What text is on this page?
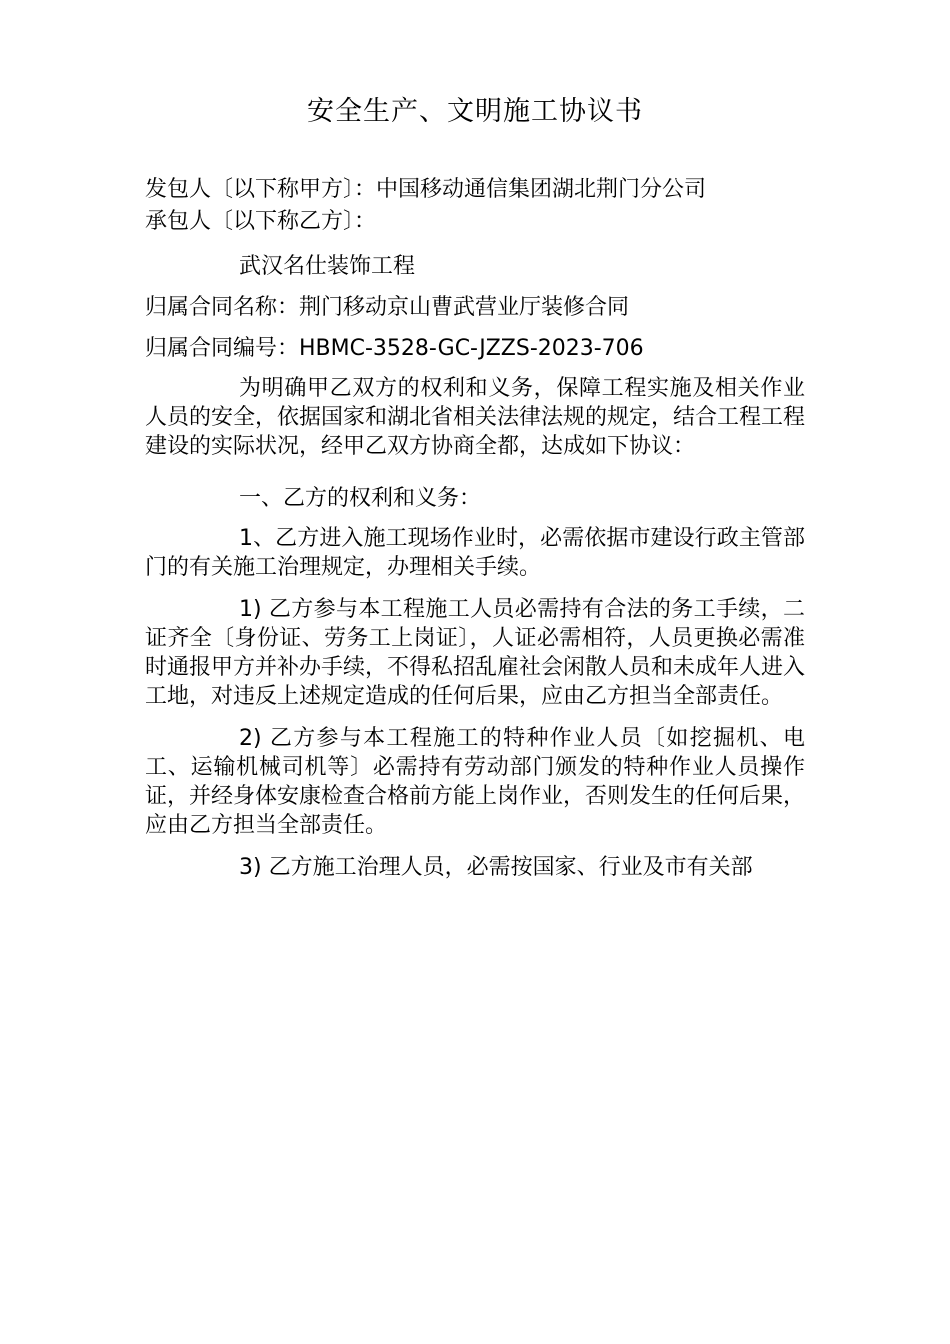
安全生产、文明施工协议书
发包人〔以下称甲方〕：中国移动通信集团湖北荆门分公司
承包人〔以下称乙方〕：
武汉名仕装饰工程
归属合同名称：荆门移动京山曹武营业厅装修合同
归属合同编号：HBMC-3528-GC-JZZS-2023-706
为明确甲乙双方的权利和义务，保障工程实施及相关作业人员的安全，依据国家和湖北省相关法律法规的规定，结合工程工程建设的实际状况，经甲乙双方协商全都，达成如下协议：
一、乙方的权利和义务：
1、乙方进入施工现场作业时，必需依据市建设行政主管部门的有关施工治理规定，办理相关手续。
1) 乙方参与本工程施工人员必需持有合法的务工手续，二证齐全〔身份证、劳务工上岗证〕，人证必需相符，人员更换必需准时通报甲方并补办手续，不得私招乱雇社会闲散人员和未成年人进入工地，对违反上述规定造成的任何后果，应由乙方担当全部责任。
2) 乙方参与本工程施工的特种作业人员〔如挖掘机、电工、运输机械司机等〕必需持有劳动部门颁发的特种作业人员操作证，并经身体安康检查合格前方能上岗作业，否则发生的任何后果，应由乙方担当全部责任。
3) 乙方施工治理人员，必需按国家、行业及市有关部
